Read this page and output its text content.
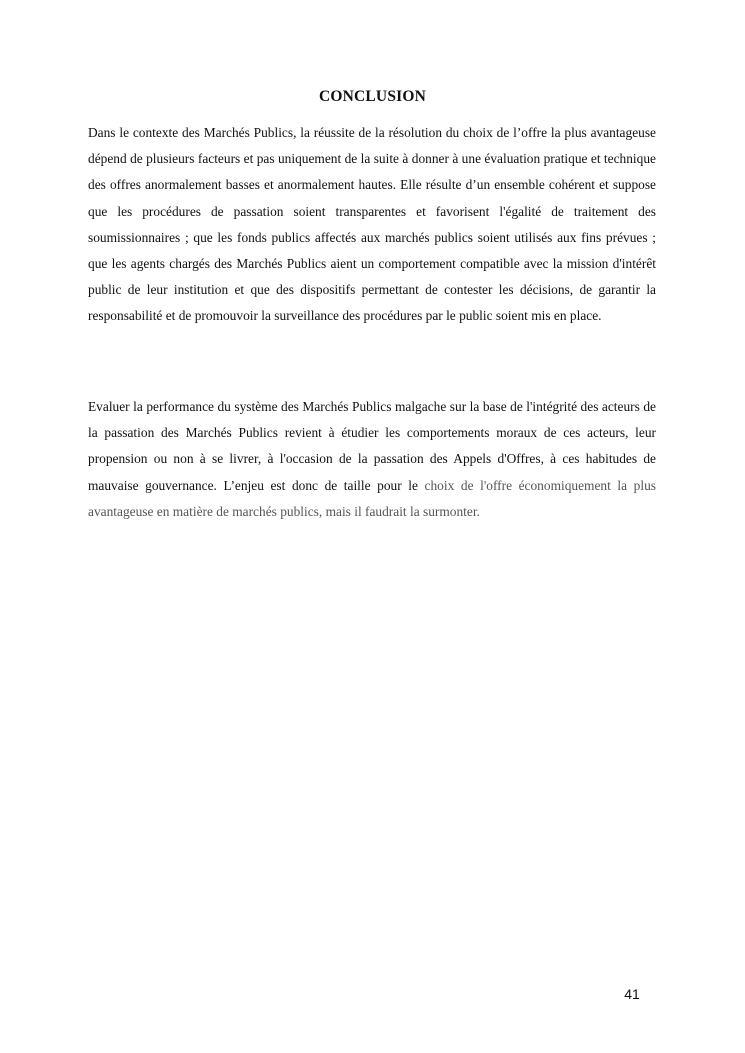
CONCLUSION

Dans le contexte des Marchés Publics, la réussite de la résolution du choix de l’offre la plus avantageuse dépend de plusieurs facteurs et pas uniquement de la suite à donner à une évaluation pratique et technique des offres anormalement basses et anormalement hautes. Elle résulte d’un ensemble cohérent et suppose que les procédures de passation soient transparentes et favorisent l'égalité de traitement des soumissionnaires ; que les fonds publics affectés aux marchés publics soient utilisés aux fins prévues ; que les agents chargés des Marchés Publics aient un comportement compatible avec la mission d'intérêt public de leur institution et que des dispositifs permettant de contester les décisions, de garantir la responsabilité et de promouvoir la surveillance des procédures par le public soient mis en place.

Evaluer la performance du système des Marchés Publics malgache sur la base de l'intégrité des acteurs de la passation des Marchés Publics revient à étudier les comportements moraux de ces acteurs, leur propension ou non à se livrer, à l'occasion de la passation des Appels d'Offres, à ces habitudes de mauvaise gouvernance. L’enjeu est donc de taille pour le choix de l'offre économiquement la plus avantageuse en matière de marchés publics, mais il faudrait la surmonter.

41
